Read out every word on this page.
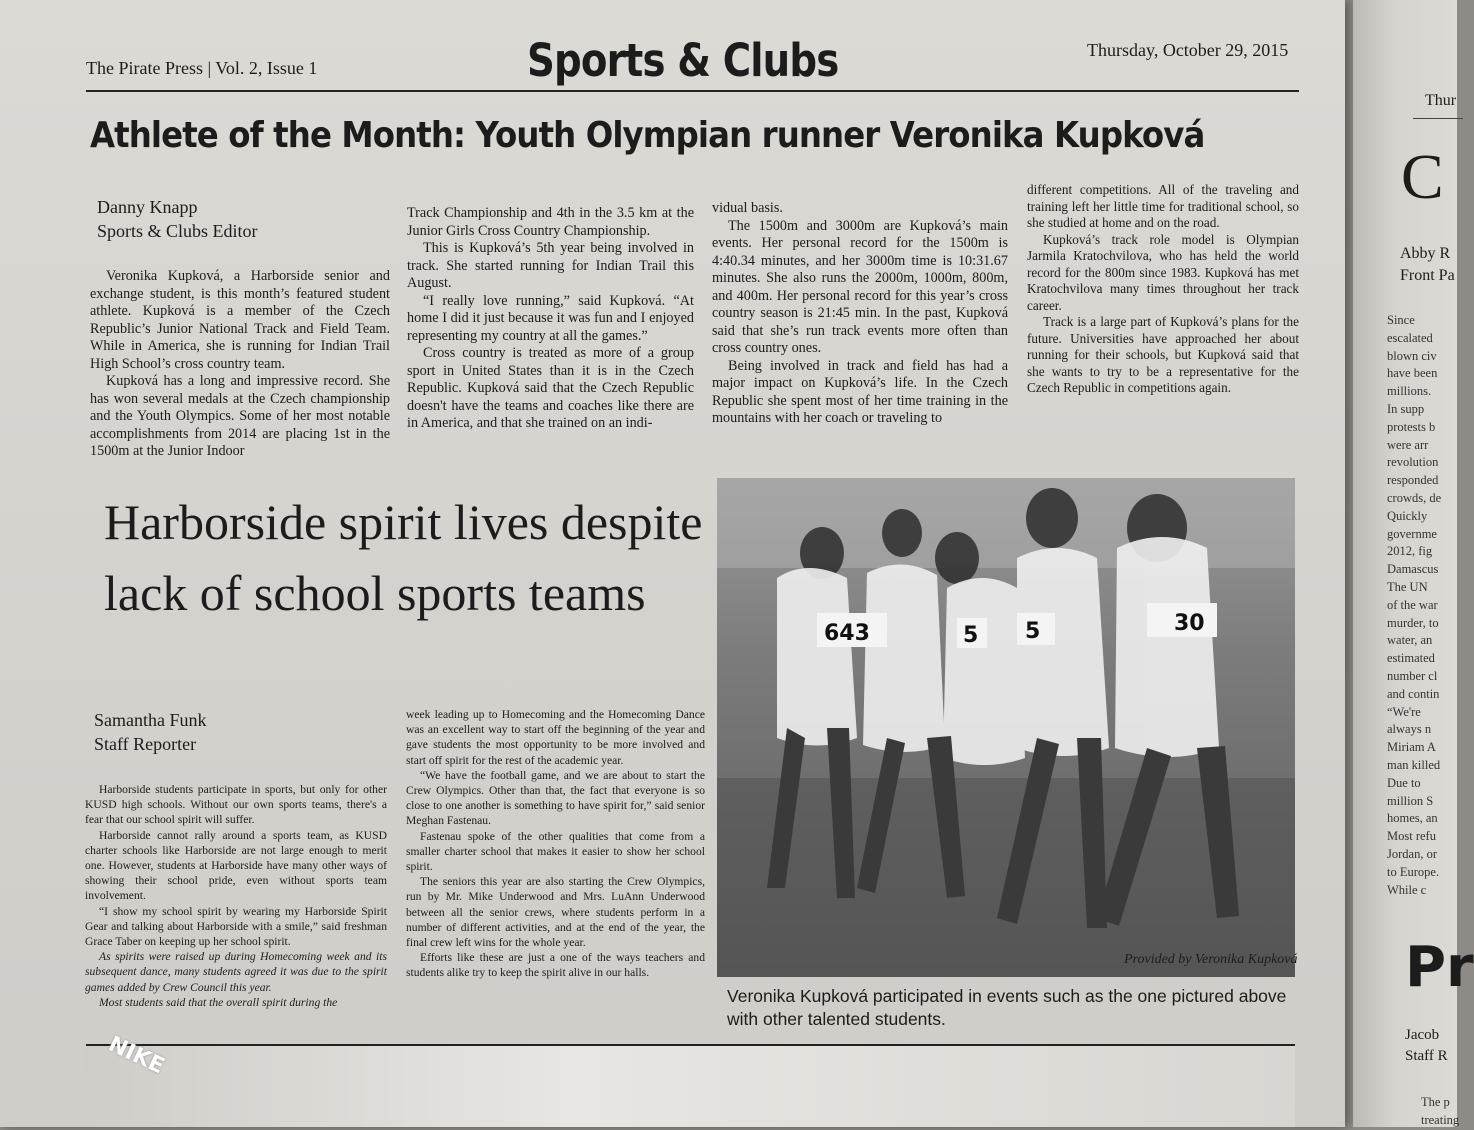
The Pirate Press | Vol. 2, Issue 1	Sports & Clubs	Thursday, October 29, 2015
Athlete of the Month: Youth Olympian runner Veronika Kupková
Danny Knapp
Sports & Clubs Editor

Veronika Kupková, a Harborside senior and exchange student, is this month’s featured student athlete. Kupková is a member of the Czech Republic’s Junior National Track and Field Team. While in America, she is running for Indian Trail High School’s cross country team.

Kupková has a long and impressive record. She has won several medals at the Czech championship and the Youth Olympics. Some of her most notable accomplishments from 2014 are placing 1st in the 1500m at the Junior Indoor

Track Championship and 4th in the 3.5 km at the Junior Girls Cross Country Championship.

This is Kupková’s 5th year being involved in track. She started running for Indian Trail this August.

“I really love running,” said Kupková. “At home I did it just because it was fun and I enjoyed representing my country at all the games.”

Cross country is treated as more of a group sport in United States than it is in the Czech Republic. Kupková said that the Czech Republic doesn't have the teams and coaches like there are in America, and that she trained on an indi-

vidual basis.

The 1500m and 3000m are Kupková’s main events. Her personal record for the 1500m is 4:40.34 minutes, and her 3000m time is 10:31.67 minutes. She also runs the 2000m, 1000m, 800m, and 400m. Her personal record for this year’s cross country season is 21:45 min. In the past, Kupková said that she’s run track events more often than cross country ones.

Being involved in track and field has had a major impact on Kupková’s life. In the Czech Republic she spent most of her time training in the mountains with her coach or traveling to

different competitions. All of the traveling and training left her little time for traditional school, so she studied at home and on the road.

Kupková’s track role model is Olympian Jarmila Kratochvilova, who has held the world record for the 800m since 1983. Kupková has met Kratochvilova many times throughout her track career.

Track is a large part of Kupková’s plans for the future. Universities have approached her about running for their schools, but Kupková said that she wants to try to be a representative for the Czech Republic in competitions again.

Harborside spirit lives despite lack of school sports teams
Samantha Funk
Staff Reporter

Harborside students participate in sports, but only for other KUSD high schools. Without our own sports teams, there's a fear that our school spirit will suffer.

Harborside cannot rally around a sports team, as KUSD charter schools like Harborside are not large enough to merit one. However, students at Harborside have many other ways of showing their school pride, even without sports team involvement.

“I show my school spirit by wearing my Harborside Spirit Gear and talking about Harborside with a smile,” said freshman Grace Taber on keeping up her school spirit.

As spirits were raised up during Homecoming week and its subsequent dance, many students agreed it was due to the spirit games added by Crew Council this year.

Most students said that the overall spirit during the

week leading up to Homecoming and the Homecoming Dance was an excellent way to start off the beginning of the year and gave students the most opportunity to be more involved and start off spirit for the rest of the academic year.

“We have the football game, and we are about to start the Crew Olympics. Other than that, the fact that everyone is so close to one another is something to have spirit for,” said senior Meghan Fastenau.

Fastenau spoke of the other qualities that come from a smaller charter school that makes it easier to show her school spirit.

The seniors this year are also starting the Crew Olympics, run by Mr. Mike Underwood and Mrs. LuAnn Underwood between all the senior crews, where students perform in a number of different activities, and at the end of the year, the final crew left wins for the whole year.

Efforts like these are just a one of the ways teachers and students alike try to keep the spirit alive in our halls.

643	5 5	30
Provided by Veronika Kupková
Veronika Kupková participated in events such as the one pictured above with other talented students.
NIKE
Thur
C
Abby R
Front Pa
Since
escalated
blown civ
have been
millions.
In supp
protests b
were arr
revolution
responded
crowds, de
Quickly
governme
2012, fig
Damascus
The UN
of the war
murder, to
water, an
estimated
number cl
and contin
“We're
always n
Miriam A
man killed
Due to
million S
homes, an
Most refu
Jordan, or
to Europe.
While c
Pr
Jacob
Staff R
The p
treating
